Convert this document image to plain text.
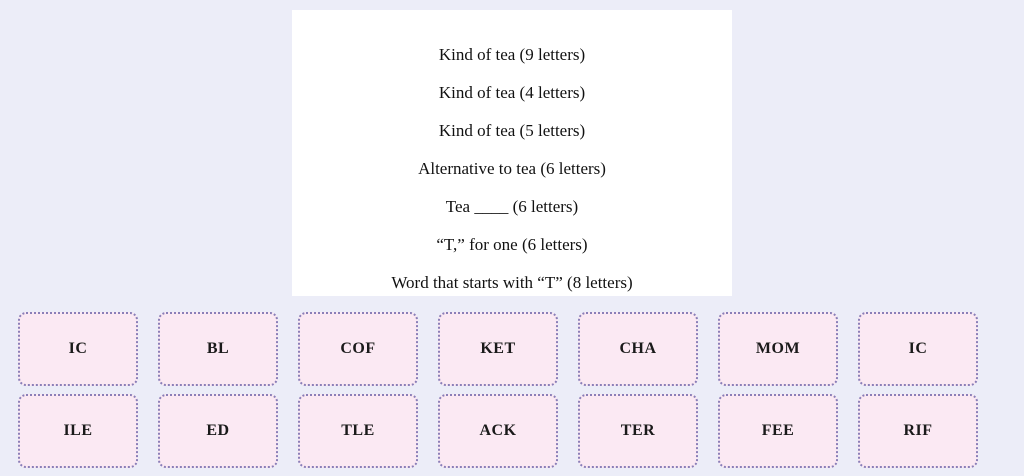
Kind of tea (9 letters)
Kind of tea (4 letters)
Kind of tea (5 letters)
Alternative to tea (6 letters)
Tea ____ (6 letters)
“T,” for one (6 letters)
Word that starts with “T” (8 letters)
IC	BL	COF	KET	CHA	MOM	IC
ILE	ED	TLE	ACK	TER	FEE	RIF
